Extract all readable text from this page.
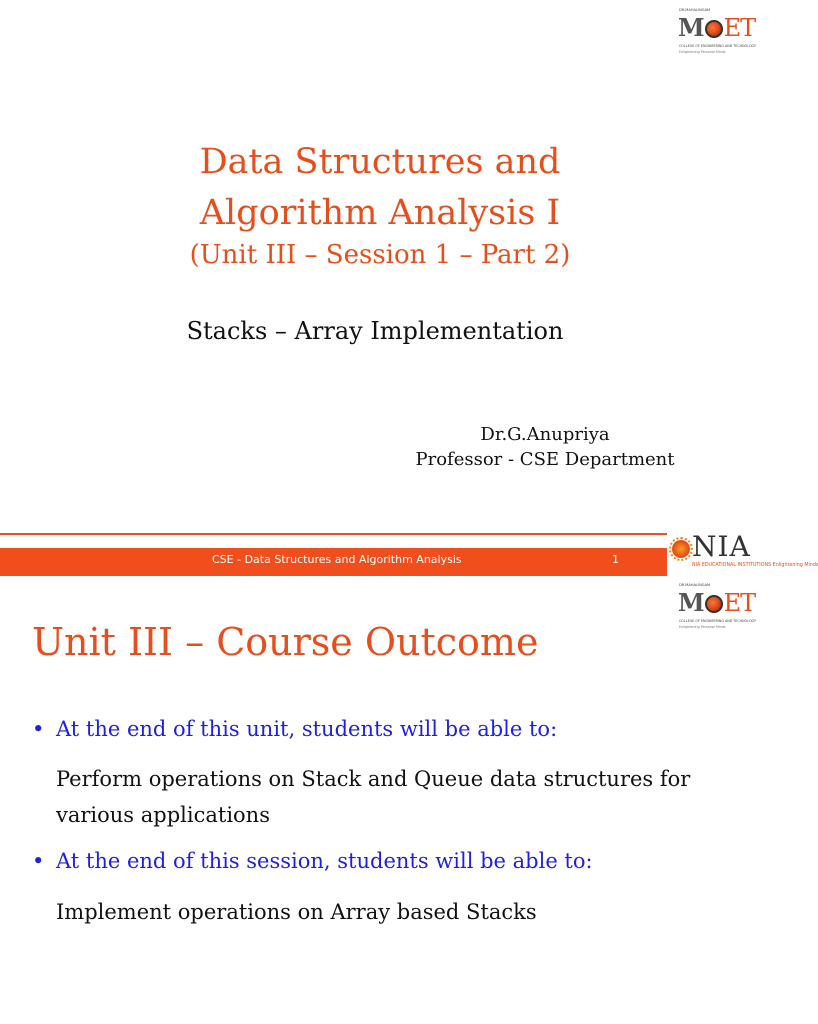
DR.MAHALINGAM
M ET
COLLEGE OF ENGINEERING AND TECHNOLOGY
Enlightening Personal Minds
Data Structures and
Algorithm Analysis I
(Unit III – Session 1 – Part 2)
Stacks – Array Implementation
Dr.G.Anupriya
Professor - CSE Department
CSE - Data Structures and Algorithm Analysis	1	NIA
NIA EDUCATIONAL INSTITUTIONS Enlightening Minds
DR.MAHALINGAM
M ET
COLLEGE OF ENGINEERING AND TECHNOLOGY
Enlightening Personal Minds
Unit III – Course Outcome
• At the end of this unit, students will be able to:
Perform operations on Stack and Queue data structures for various applications
• At the end of this session, students will be able to:
Implement operations on Array based Stacks
